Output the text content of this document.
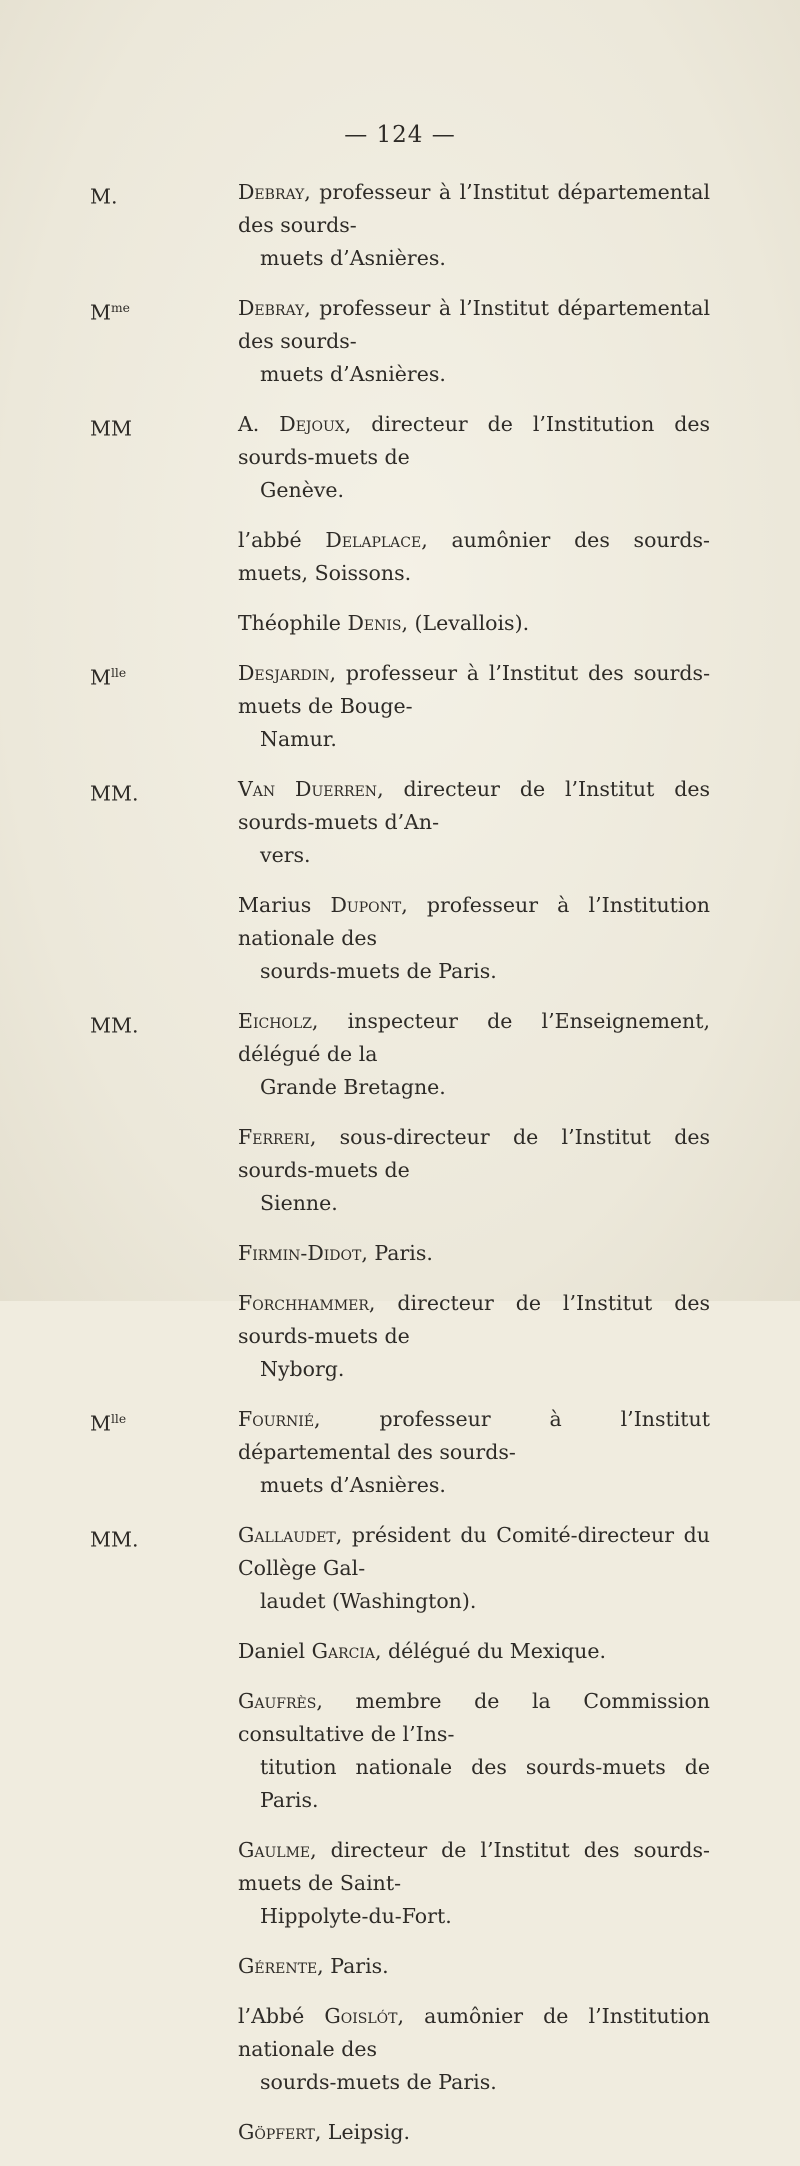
— 124 —
M.	Debray, professeur à l’Institut départemental des sourds-
muets d’Asnières.
$M^{me}$	Debray, professeur à l’Institut départemental des sourds-
muets d’Asnières.
MM	A. Dejoux, directeur de l’Institution des sourds-muets de
Genève.
l’abbé Delaplace, aumônier des sourds-muets, Soissons.
Théophile Denis, (Levallois).
$M^{lle}$	Desjardin, professeur à l’Institut des sourds-muets de Bouge-
Namur.
MM.	Van Duerren, directeur de l’Institut des sourds-muets d’An-
vers.
Marius Dupont, professeur à l’Institution nationale des
sourds-muets de Paris.
MM.	Eicholz, inspecteur de l’Enseignement, délégué de la
Grande Bretagne.
Ferreri, sous-directeur de l’Institut des sourds-muets de
Sienne.
Firmin-Didot, Paris.
Forchhammer, directeur de l’Institut des sourds-muets de
Nyborg.
$M^{lle}$	Fournié, professeur à l’Institut départemental des sourds-
muets d’Asnières.
MM.	Gallaudet, président du Comité-directeur du Collège Gal-
laudet (Washington).
Daniel Garcia, délégué du Mexique.
Gaufrès, membre de la Commission consultative de l’Ins-
titution nationale des sourds-muets de Paris.
Gaulme, directeur de l’Institut des sourds-muets de Saint-
Hippolyte-du-Fort.
Gérente, Paris.
l’Abbé Goislót, aumônier de l’Institution nationale des
sourds-muets de Paris.
Göpfert, Leipsig.
